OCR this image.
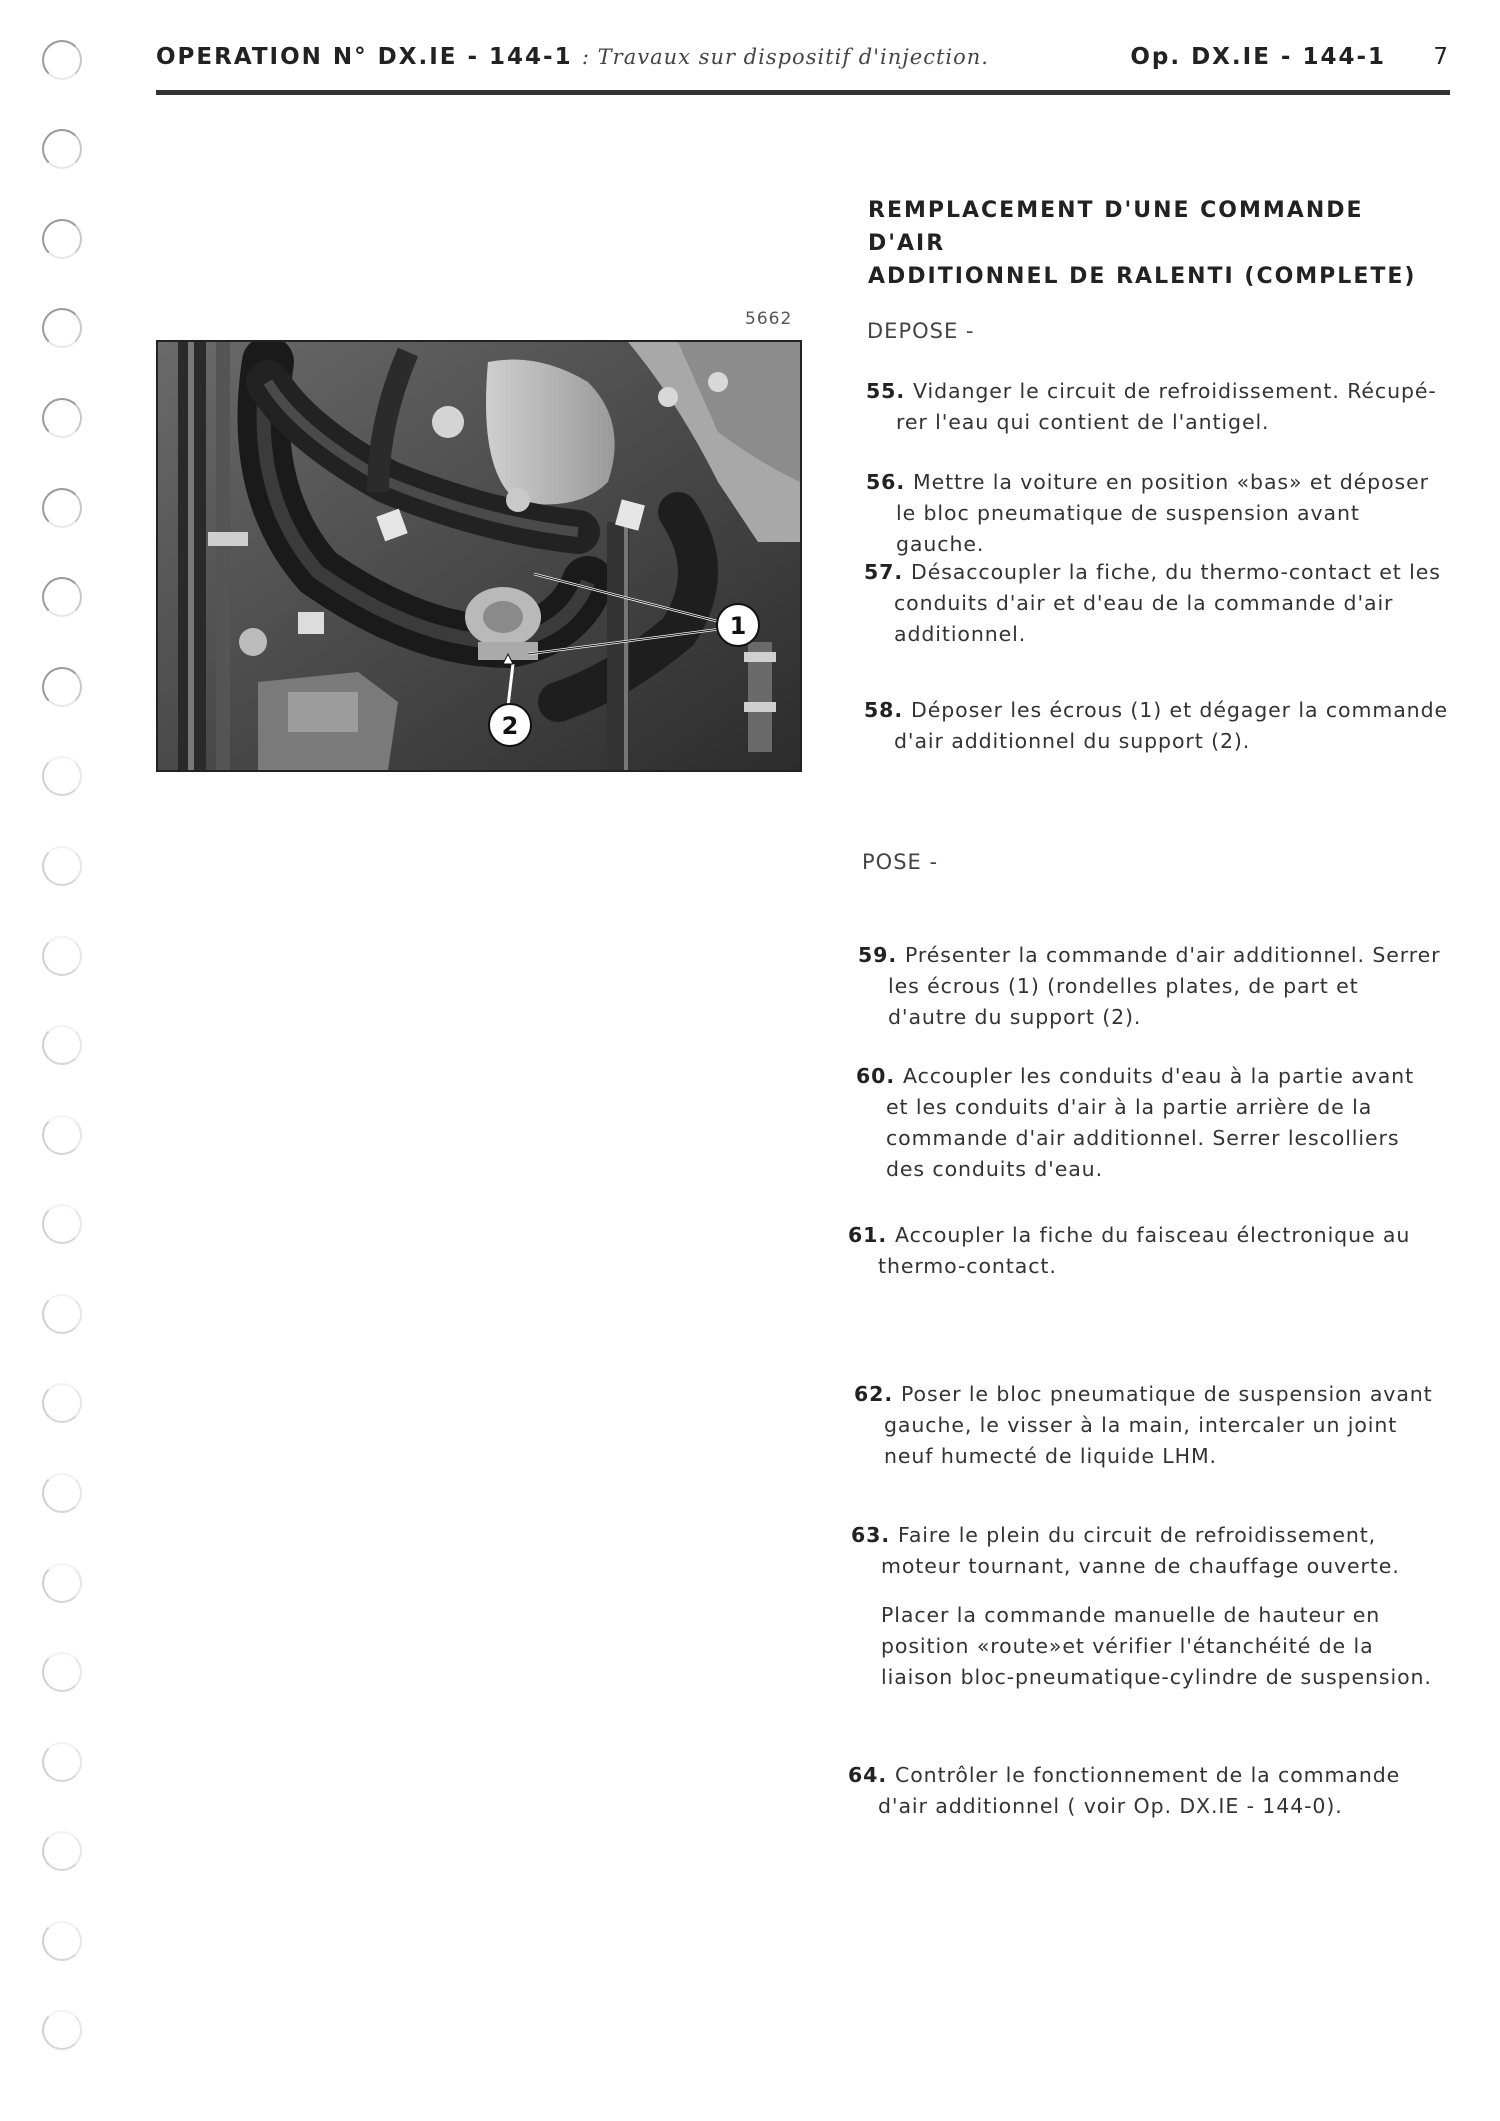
OPERATION N° DX.IE - 144-1 : Travaux sur dispositif d'injection.	Op. DX.IE - 144-1 7
REMPLACEMENT D'UNE COMMANDE D'AIR
ADDITIONNEL DE RALENTI (COMPLETE)
5662
1
2
DEPOSE -

55. Vidanger le circuit de refroidissement. Récupé-rer l'eau qui contient de l'antigel.

56. Mettre la voiture en position «bas» et déposer le bloc pneumatique de suspension avant gauche.

57. Désaccoupler la fiche, du thermo-contact et les conduits d'air et d'eau de la commande d'air additionnel.

58. Déposer les écrous (1) et dégager la commande d'air additionnel du support (2).

POSE -

59. Présenter la commande d'air additionnel. Serrer les écrous (1) (rondelles plates, de part et d'autre du support (2).

60. Accoupler les conduits d'eau à la partie avant et les conduits d'air à la partie arrière de la commande d'air additionnel. Serrer lescolliers des conduits d'eau.

61. Accoupler la fiche du faisceau électronique au thermo-contact.

62. Poser le bloc pneumatique de suspension avant gauche, le visser à la main, intercaler un joint neuf humecté de liquide LHM.

63. Faire le plein du circuit de refroidissement, moteur tournant, vanne de chauffage ouverte.

Placer la commande manuelle de hauteur en position «route»et vérifier l'étanchéité de la liaison bloc-pneumatique-cylindre de suspension.

64. Contrôler le fonctionnement de la commande d'air additionnel ( voir Op. DX.IE - 144-0).
